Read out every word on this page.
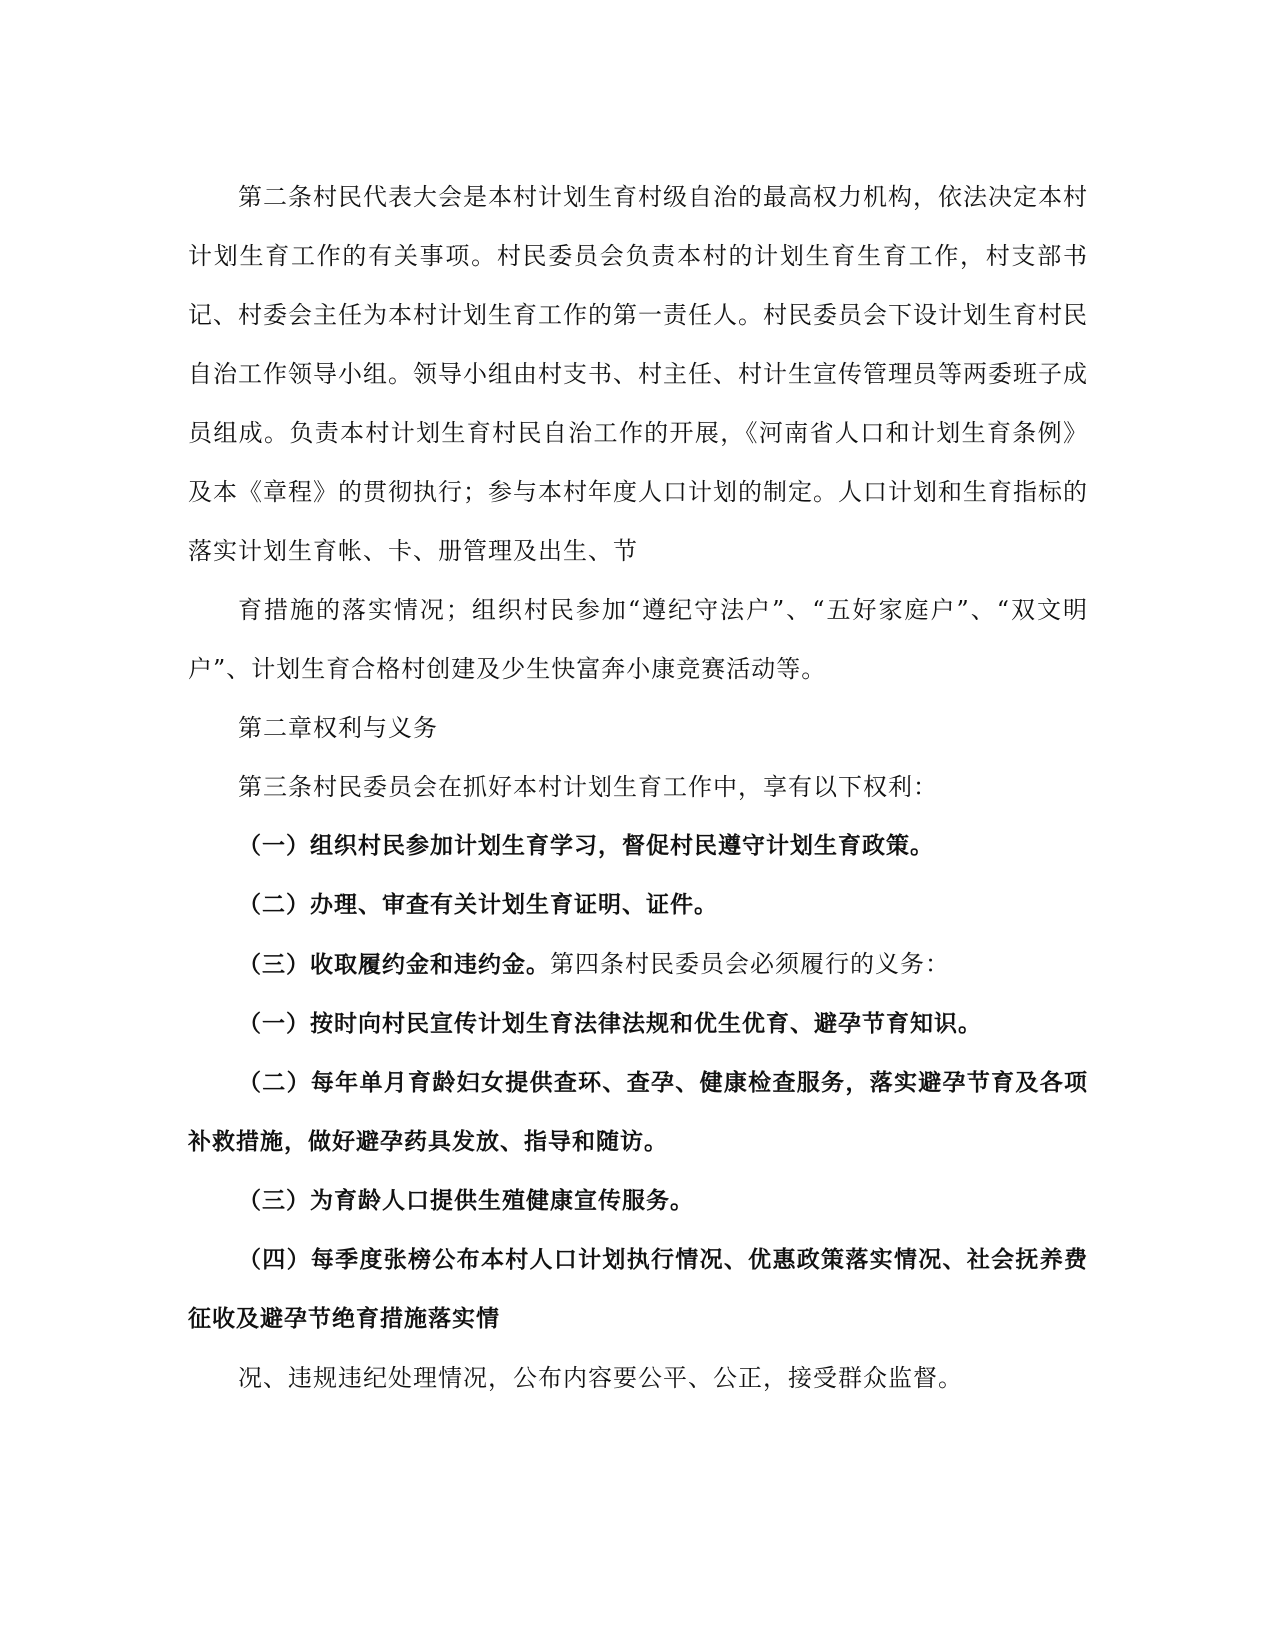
第二条村民代表大会是本村计划生育村级自治的最高权力机构，依法决定本村计划生育工作的有关事项。村民委员会负责本村的计划生育生育工作，村支部书记、村委会主任为本村计划生育工作的第一责任人。村民委员会下设计划生育村民自治工作领导小组。领导小组由村支书、村主任、村计生宣传管理员等两委班子成员组成。负责本村计划生育村民自治工作的开展，《河南省人口和计划生育条例》及本《章程》的贯彻执行；参与本村年度人口计划的制定。人口计划和生育指标的落实计划生育帐、卡、册管理及出生、节

育措施的落实情况；组织村民参加“遵纪守法户”、“五好家庭户”、“双文明户”、计划生育合格村创建及少生快富奔小康竞赛活动等。

第二章权利与义务

第三条村民委员会在抓好本村计划生育工作中，享有以下权利：

（一）组织村民参加计划生育学习，督促村民遵守计划生育政策。

（二）办理、审查有关计划生育证明、证件。

（三）收取履约金和违约金。第四条村民委员会必须履行的义务：

（一）按时向村民宣传计划生育法律法规和优生优育、避孕节育知识。

（二）每年单月育龄妇女提供查环、查孕、健康检查服务，落实避孕节育及各项补救措施，做好避孕药具发放、指导和随访。

（三）为育龄人口提供生殖健康宣传服务。

（四）每季度张榜公布本村人口计划执行情况、优惠政策落实情况、社会抚养费征收及避孕节绝育措施落实情

况、违规违纪处理情况，公布内容要公平、公正，接受群众监督。
